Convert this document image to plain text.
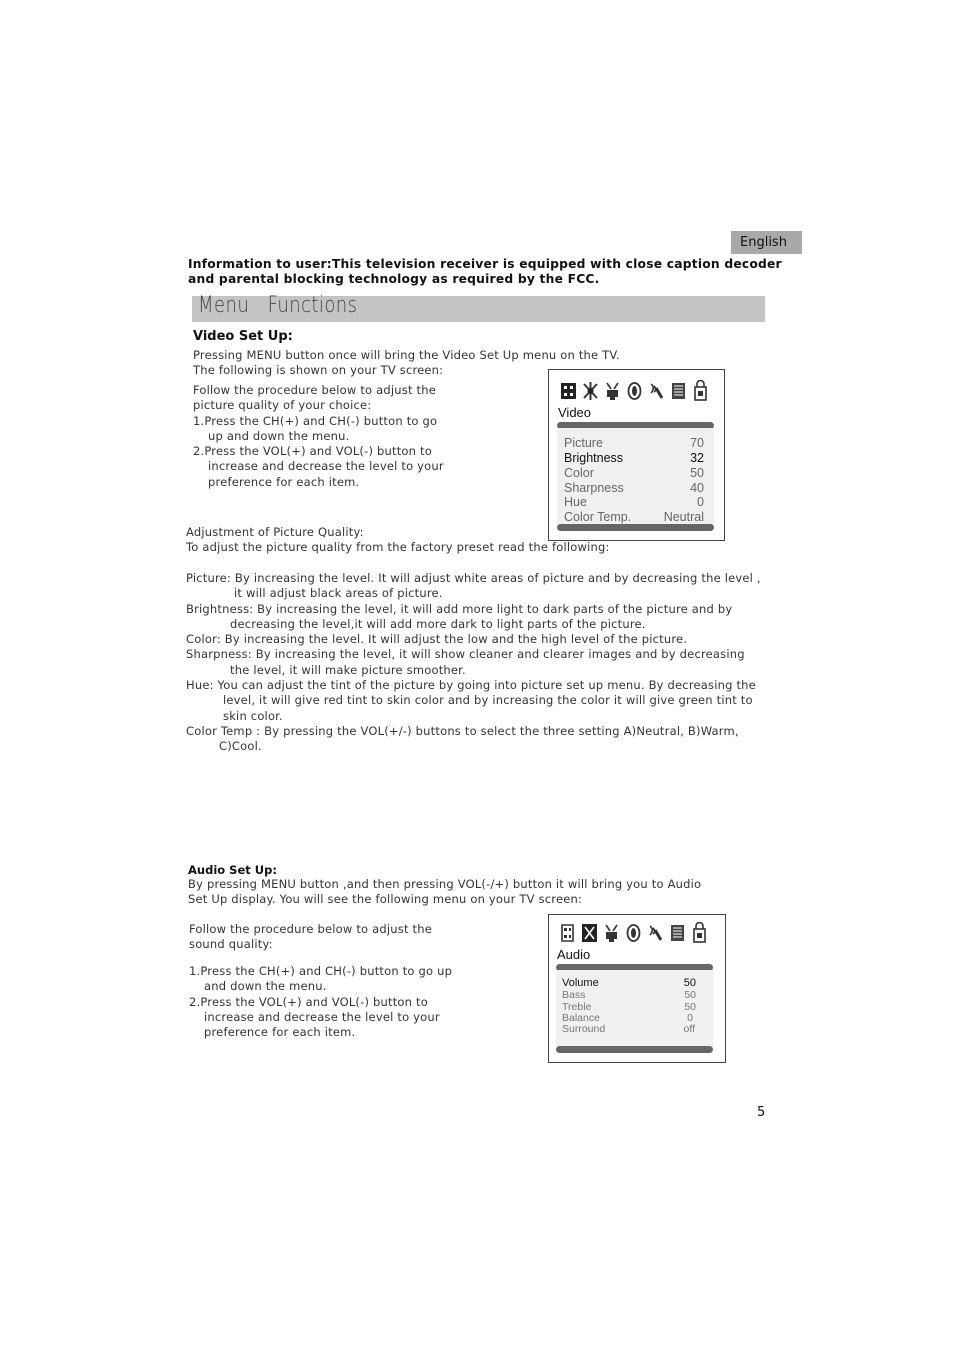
English
Information to user:This television receiver is equipped with close caption decoder and parental blocking technology as required by the FCC.
Menu   Functions
Video Set Up:
Pressing MENU button once will bring the Video Set Up menu on the TV.
The following is shown on your TV screen:
Follow the procedure below to adjust the
picture quality of your choice:
1.Press the CH(+) and CH(-) button to go
up and down the menu.
2.Press the VOL(+) and VOL(-) button to
increase and decrease the level to your
preference for each item.
Video
Picture	70
Brightness	32
Color	50
Sharpness	40
Hue	0
Color Temp.	Neutral
Adjustment of Picture Quality:
To adjust the picture quality from the factory preset read the following:
Picture: By increasing the level. It will adjust white areas of picture and by decreasing the level ,
it will adjust black areas of picture.
Brightness: By increasing the level, it will add more light to dark parts of the picture and by
decreasing the level,it will add more dark to light parts of the picture.
Color: By increasing the level. It will adjust the low and the high level of the picture.
Sharpness: By increasing the level, it will show cleaner and clearer images and by decreasing
the level, it will make picture smoother.
Hue: You can adjust the tint of the picture by going into picture set up menu. By decreasing the
level, it will give red tint to skin color and by increasing the color it will give green tint to
skin color.
Color Temp : By pressing the VOL(+/-) buttons to select the three setting A)Neutral, B)Warm,
C)Cool.
Audio Set Up:
By pressing MENU button ,and then pressing VOL(-/+) button it will bring you to Audio
Set Up display. You will see the following menu on your TV screen:
Follow the procedure below to adjust the
sound quality:
1.Press the CH(+) and CH(-) button to go up
and down the menu.
2.Press the VOL(+) and VOL(-) button to
increase and decrease the level to your
preference for each item.
Audio
Volume	50
Bass	50
Treble	50
Balance	0
Surround	off
5
